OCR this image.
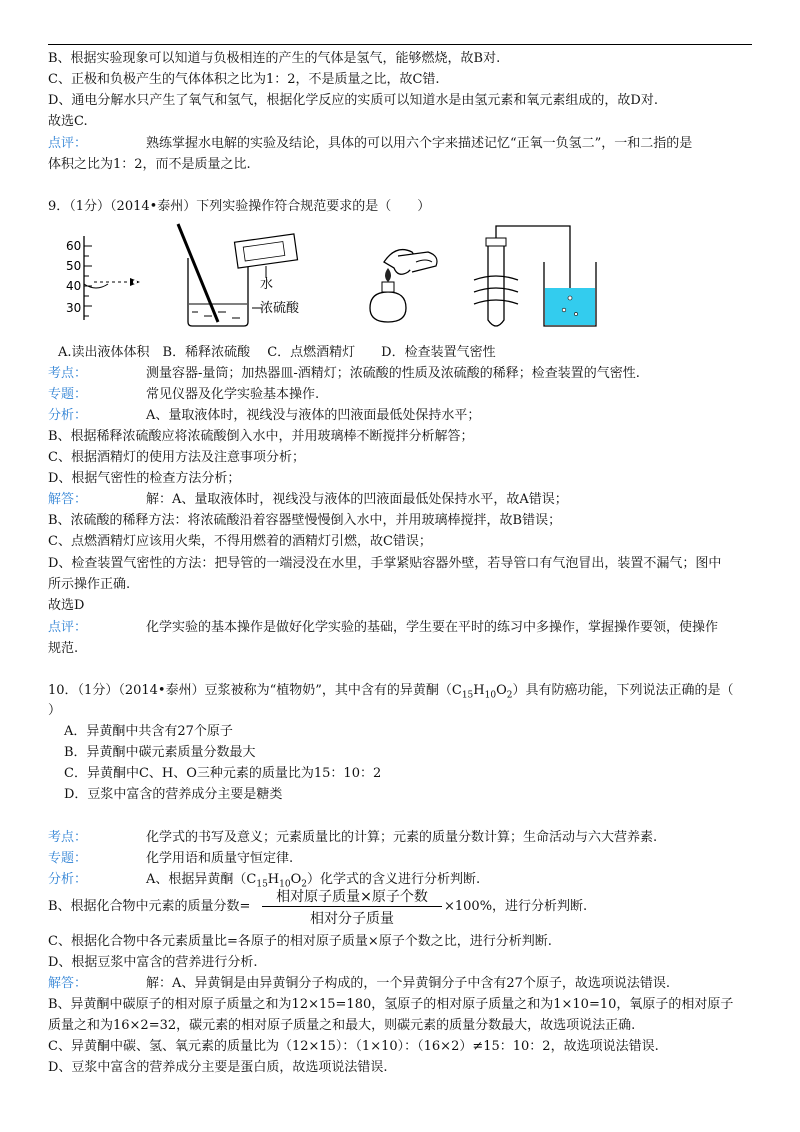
B、根据实验现象可以知道与负极相连的产生的气体是氢气，能够燃烧，故B对.
C、正极和负极产生的气体体积之比为1：2，不是质量之比，故C错.
D、通电分解水只产生了氧气和氢气，根据化学反应的实质可以知道水是由氢元素和氧元素组成的，故D对.
故选C.
点评：	熟练掌握水电解的实验及结论，具体的可以用六个字来描述记忆“正氧一负氢二”，一和二指的是
体积之比为1：2，而不是质量之比.
9．（1分）（2014•泰州）下列实验操作符合规范要求的是（　　）
60
50
40
30
水
浓硫酸
A.读出液体体积　B．稀释浓硫酸　 C．点燃酒精灯　　D．检查装置气密性
考点：	测量容器-量筒；加热器皿-酒精灯；浓硫酸的性质及浓硫酸的稀释；检查装置的气密性.
专题：	常见仪器及化学实验基本操作.
分析：	A、量取液体时，视线没与液体的凹液面最低处保持水平；
B、根据稀释浓硫酸应将浓硫酸倒入水中，并用玻璃棒不断搅拌分析解答；
C、根据酒精灯的使用方法及注意事项分析；
D、根据气密性的检查方法分析；
解答：	解：A、量取液体时，视线没与液体的凹液面最低处保持水平，故A错误；
B、浓硫酸的稀释方法：将浓硫酸沿着容器壁慢慢倒入水中，并用玻璃棒搅拌，故B错误；
C、点燃酒精灯应该用火柴，不得用燃着的酒精灯引燃，故C错误；
D、检查装置气密性的方法：把导管的一端浸没在水里，手掌紧贴容器外壁，若导管口有气泡冒出，装置不漏气；图中
所示操作正确.
故选D
点评：	化学实验的基本操作是做好化学实验的基础，学生要在平时的练习中多操作，掌握操作要领，使操作
规范.
10．（1分）（2014•泰州）豆浆被称为“植物奶”，其中含有的异黄酮$(C_{15}H_{10}O_2)$具有防癌功能，下列说法正确的是（
）
A．异黄酮中共含有27个原子
B．异黄酮中碳元素质量分数最大
C．异黄酮中C、H、O三种元素的质量比为15：10：2
D．豆浆中富含的营养成分主要是糖类
考点：	化学式的书写及意义；元素质量比的计算；元素的质量分数计算；生命活动与六大营养素.
专题：	化学用语和质量守恒定律.
分析：	A、根据异黄酮$(C_{15}H_{10}O_2)$化学式的含义进行分析判断.
B、根据化合物中元素的质量分数=
相对原子质量×原子个数
相对分子质量
×100%，进行分析判断.
C、根据化合物中各元素质量比=各原子的相对原子质量×原子个数之比，进行分析判断.
D、根据豆浆中富含的营养进行分析.
解答：	解：A、异黄铜是由异黄铜分子构成的，一个异黄铜分子中含有27个原子，故选项说法错误.
B、异黄酮中碳原子的相对原子质量之和为12×15=180，氢原子的相对原子质量之和为1×10=10，氧原子的相对原子
质量之和为16×2=32，碳元素的相对原子质量之和最大，则碳元素的质量分数最大，故选项说法正确.
C、异黄酮中碳、氢、氧元素的质量比为（12×15）：（1×10）：（16×2）≠15：10：2，故选项说法错误.
D、豆浆中富含的营养成分主要是蛋白质，故选项说法错误.
